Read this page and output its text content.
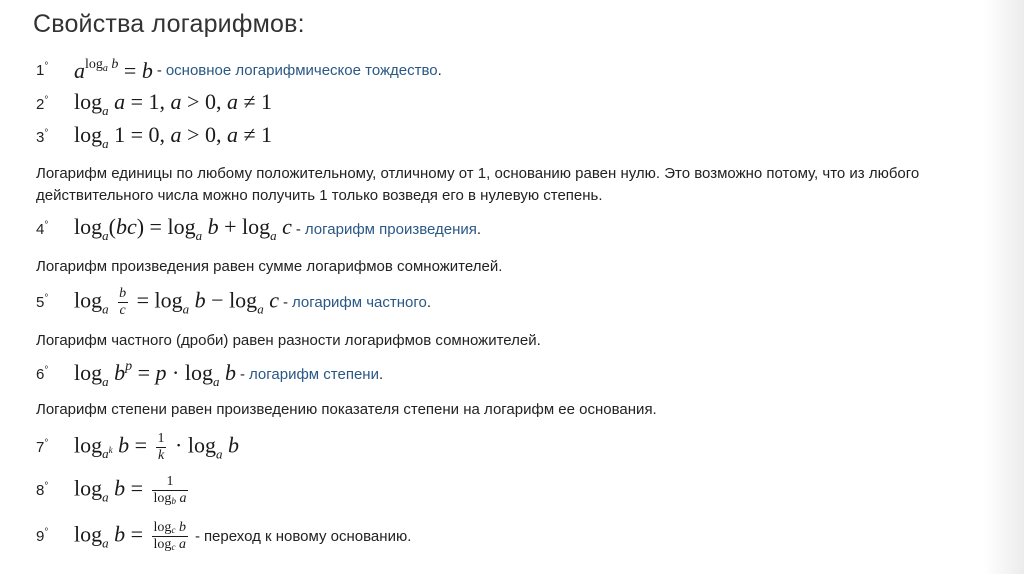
Свойства логарифмов:
1°	$a^{log_a b} = b$ - основное логарифмическое тождество .
2°	$\log_a a = 1$, a > 0, a ≠ 1
3°	$\log_a 1 = 0$, a > 0, a ≠ 1
Логарифм единицы по любому положительному, отличному от 1, основанию равен нулю. Это возможно потому, что из любого действительного числа можно получить 1 только возведя его в нулевую степень.
4°	$\log_a(bc) = \log_a b + \log_a c$ - логарифм произведения .
Логарифм произведения равен сумме логарифмов сомножителей.
5°	$\log_a \frac{b}{c} = \log_a b - \log_a c$ - логарифм частного .
Логарифм частного (дроби) равен разности логарифмов сомножителей.
6°	$\log_a b^p = p \cdot \log_a b$ - логарифм степени .
Логарифм степени равен произведению показателя степени на логарифм ее основания.
7°	$\log_{a^k} b = \frac{1}{k} \cdot \log_a b$
8°	$\log_a b = \frac{1}{\text{logb a}}$
9°	$\log_a b = \frac{\text{logc b}}{\text{logc a}}$ - переход к новому основанию.
